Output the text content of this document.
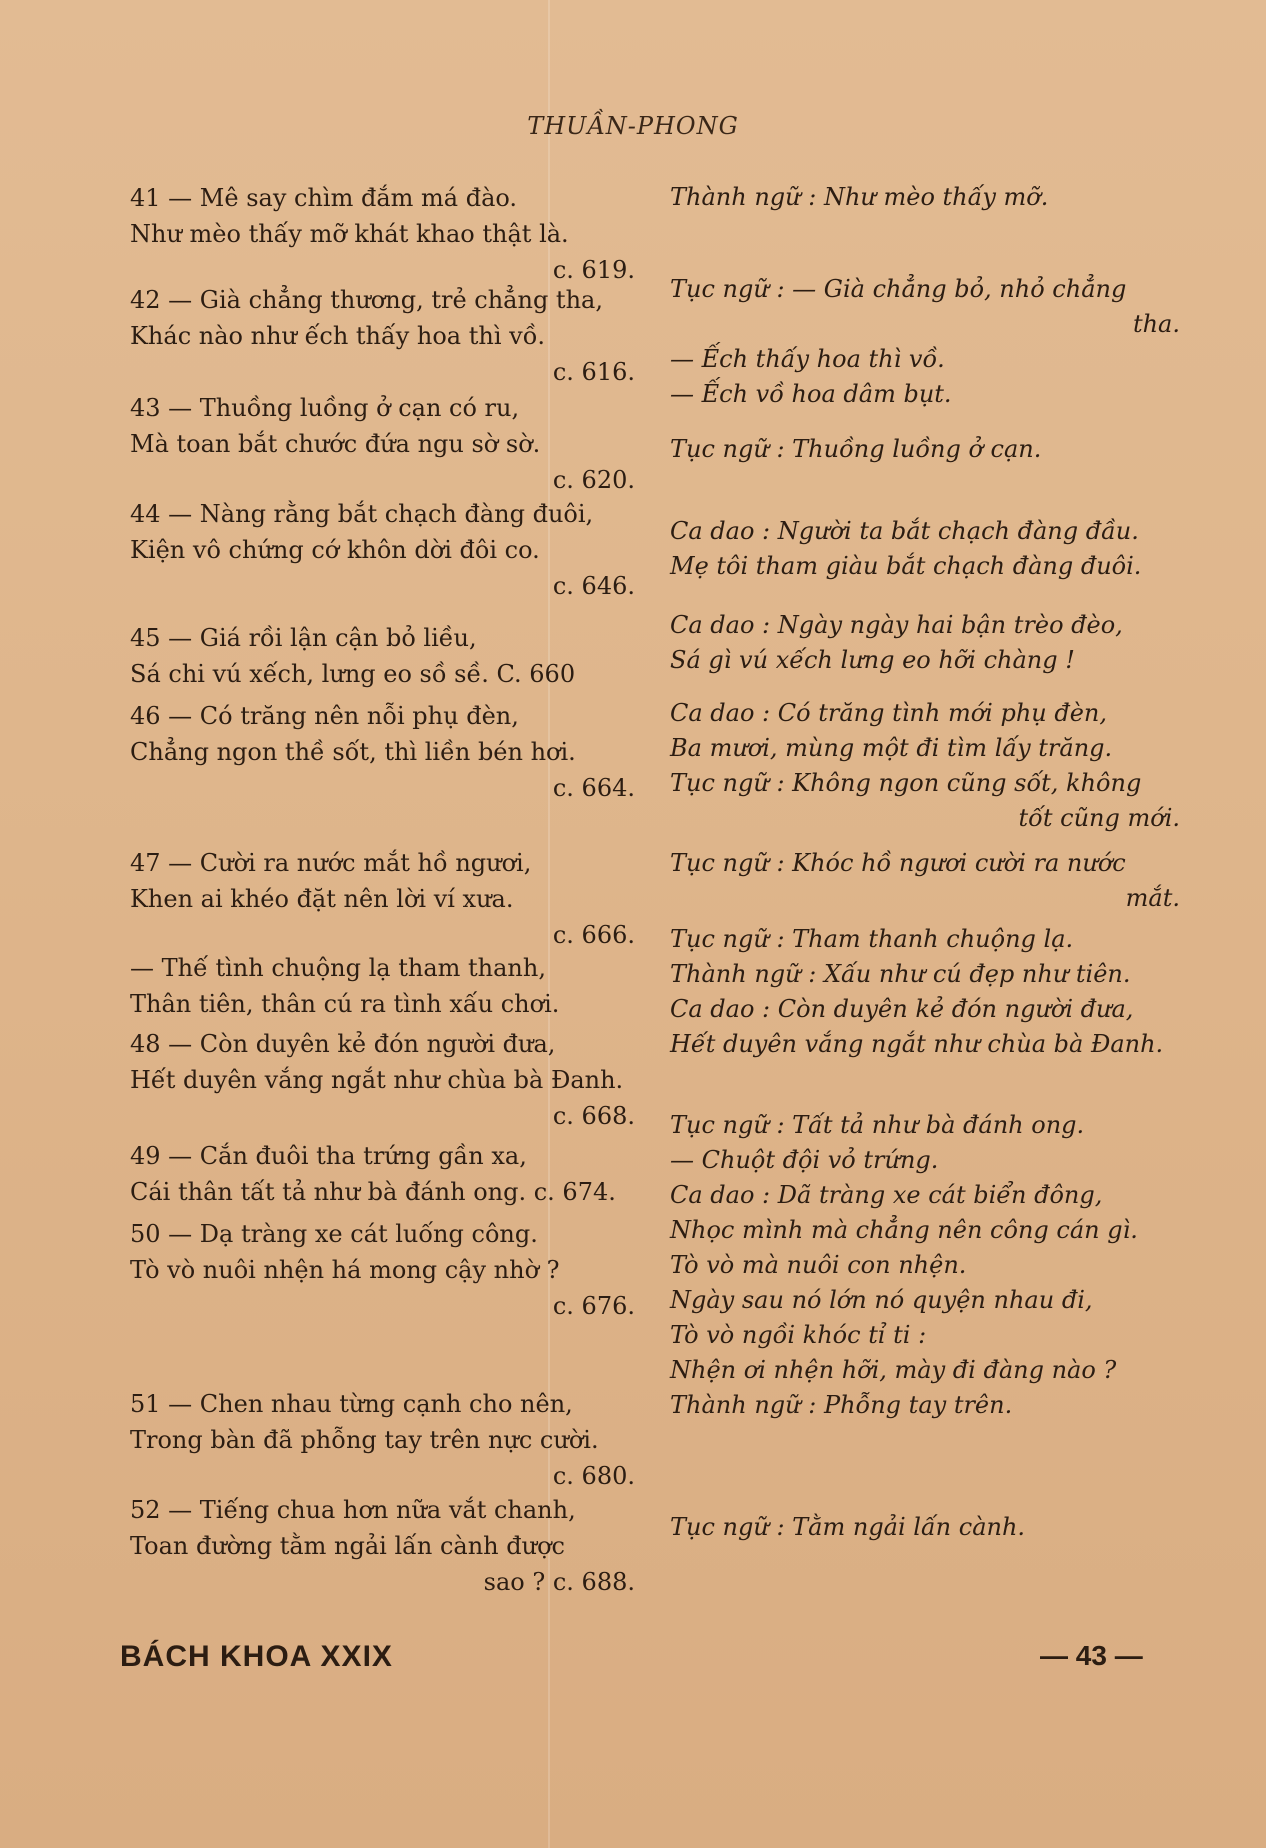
THUẦN-PHONG
41 — Mê say chìm đắm má đào.
Như mèo thấy mỡ khát khao thật là.
c. 619.
42 — Già chẳng thương, trẻ chẳng tha,
Khác nào như ếch thấy hoa thì vồ.
c. 616.
43 — Thuồng luồng ở cạn có ru,
Mà toan bắt chước đứa ngu sờ sờ.
c. 620.
44 — Nàng rằng bắt chạch đàng đuôi,
Kiện vô chứng cớ khôn dời đôi co.
c. 646.
45 — Giá rồi lận cận bỏ liều,
Sá chi vú xếch, lưng eo sồ sề. C. 660
46 — Có trăng nên nỗi phụ đèn,
Chẳng ngon thề sốt, thì liền bén hơi.
c. 664.
47 — Cười ra nước mắt hồ ngươi,
Khen ai khéo đặt nên lời ví xưa.
c. 666.
— Thế tình chuộng lạ tham thanh,
Thân tiên, thân cú ra tình xấu chơi.
48 — Còn duyên kẻ đón người đưa,
Hết duyên vắng ngắt như chùa bà Đanh.
c. 668.
49 — Cắn đuôi tha trứng gần xa,
Cái thân tất tả như bà đánh ong. c. 674.
50 — Dạ tràng xe cát luống công.
Tò vò nuôi nhện há mong cậy nhờ ?
c. 676.
51 — Chen nhau từng cạnh cho nên,
Trong bàn đã phỗng tay trên nực cười.
c. 680.
52 — Tiếng chua hơn nữa vắt chanh,
Toan đường tằm ngải lấn cành được
sao ? c. 688.
Thành ngữ : Như mèo thấy mỡ.
Tục ngữ : — Già chẳng bỏ, nhỏ chẳng
tha.
— Ếch thấy hoa thì vồ.
— Ếch vồ hoa dâm bụt.
Tục ngữ : Thuồng luồng ở cạn.
Ca dao : Người ta bắt chạch đàng đầu.
Mẹ tôi tham giàu bắt chạch đàng đuôi.
Ca dao : Ngày ngày hai bận trèo đèo,
Sá gì vú xếch lưng eo hỡi chàng !
Ca dao : Có trăng tình mới phụ đèn,
Ba mươi, mùng một đi tìm lấy trăng.
Tục ngữ : Không ngon cũng sốt, không
tốt cũng mới.
Tục ngữ : Khóc hồ ngươi cười ra nước
mắt.
Tục ngữ : Tham thanh chuộng lạ.
Thành ngữ : Xấu như cú đẹp như tiên.
Ca dao : Còn duyên kẻ đón người đưa,
Hết duyên vắng ngắt như chùa bà Đanh.
Tục ngữ : Tất tả như bà đánh ong.
— Chuột đội vỏ trứng.
Ca dao : Dã tràng xe cát biển đông,
Nhọc mình mà chẳng nên công cán gì.
Tò vò mà nuôi con nhện.
Ngày sau nó lớn nó quyện nhau đi,
Tò vò ngồi khóc tỉ ti :
Nhện ơi nhện hỡi, mày đi đàng nào ?
Thành ngữ : Phỗng tay trên.
Tục ngữ : Tằm ngải lấn cành.
BÁCH KHOA XXIX	— 43 —
